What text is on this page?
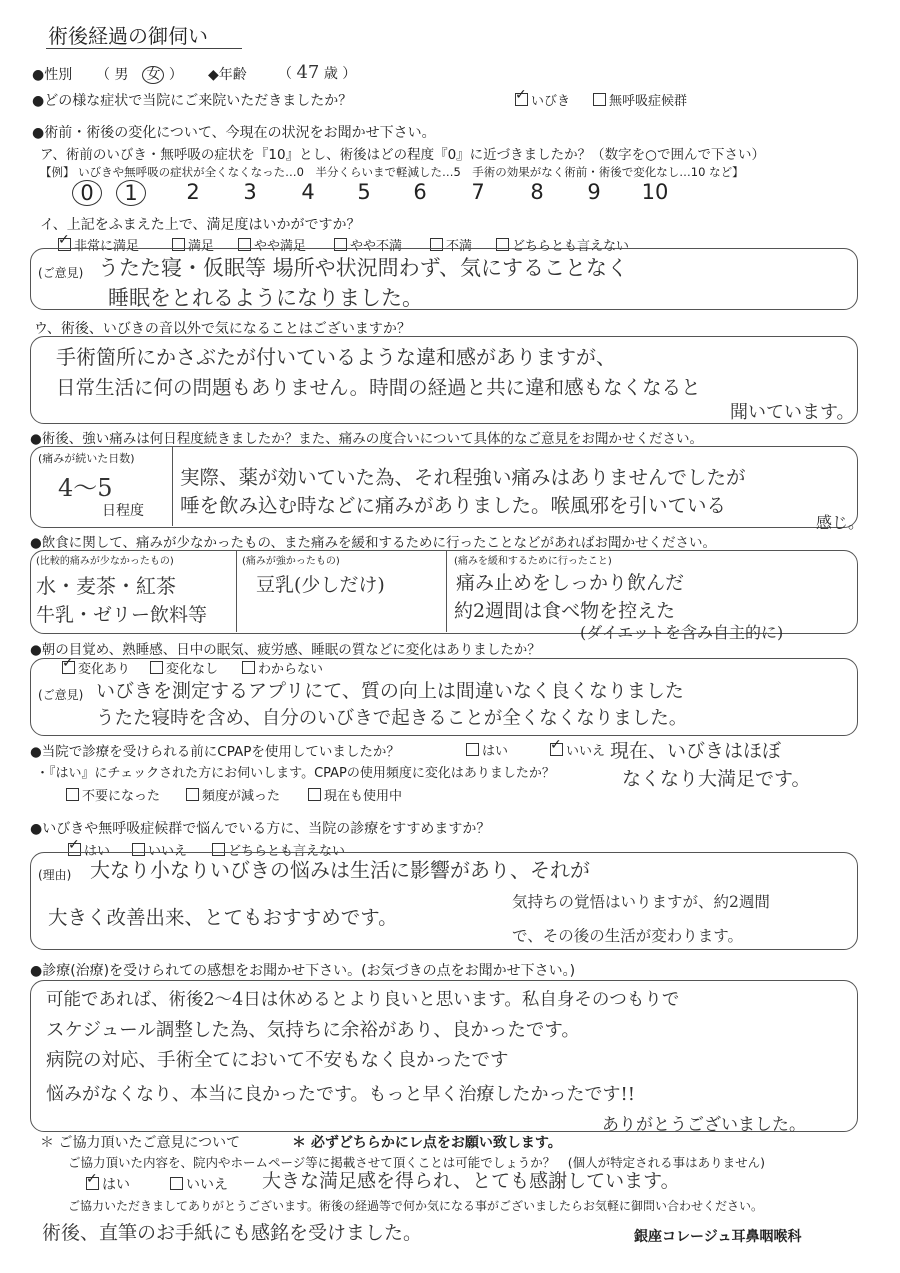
術後経過の御伺い
●性別 （ 男　 女 ） ◆年齢 （ 47 歳 ）
●どの様な症状で当院にご来院いただきましたか？ ✓	いびき	無呼吸症候群
●術前・術後の変化について、今現在の状況をお聞かせ下さい。
ア、術前のいびき・無呼吸の症状を『10』とし、術後はどの程度『0』に近づきましたか？（数字を○で囲んで下さい）
【例】 いびきや無呼吸の症状が全くなくなった…0　半分くらいまで軽減した…5　手術の効果がなく術前・術後で変化なし…10 など】
0	1	2	3	4	5	6	7	8	9	10
イ、上記をふまえた上で、満足度はいかがですか？
✓非常に満足	満足	やや満足	やや不満	不満	どちらとも言えない
(ご意見) うたた寝・仮眠等 場所や状況問わず、気にすることなく
睡眠をとれるようになりました。
ウ、術後、いびきの音以外で気になることはございますか？
手術箇所にかさぶたが付いているような違和感がありますが、
日常生活に何の問題もありません。時間の経過と共に違和感もなくなると
聞いています。
●術後、強い痛みは何日程度続きましたか？また、痛みの度合いについて具体的なご意見をお聞かせください。
(痛みが続いた日数)
4〜5
日程度
実際、薬が効いていた為、それ程強い痛みはありませんでしたが
唾を飲み込む時などに痛みがありました。喉風邪を引いている
感じ。
●飲食に関して、痛みが少なかったもの、また痛みを緩和するために行ったことなどがあればお聞かせください。
(比較的痛みが少なかったもの)
水・麦茶・紅茶
牛乳・ゼリー飲料等
(痛みが強かったもの)
豆乳(少しだけ)
(痛みを緩和するために行ったこと)
痛み止めをしっかり飲んだ
約2週間は食べ物を控えた
(ダイエットを含み自主的に)
●朝の目覚め、熟睡感、日中の眠気、疲労感、睡眠の質などに変化はありましたか？
✓変化あり	変化なし	わからない
(ご意見) いびきを測定するアプリにて、質の向上は間違いなく良くなりました
うたた寝時を含め、自分のいびきで起きることが全くなくなりました。
●当院で診療を受けられる前にCPAPを使用していましたか？	はい ✓	いいえ
・『はい』にチェックされた方にお伺いします。CPAPの使用頻度に変化はありましたか？
不要になった	頻度が減った	現在も使用中
現在、いびきはほぼ
なくなり大満足です。
●いびきや無呼吸症候群で悩んでいる方に、当院の診療をすすめますか？
✓はい	いいえ	どちらとも言えない
(理由) 大なり小なりいびきの悩みは生活に影響があり、それが
大きく改善出来、とてもおすすめです。
気持ちの覚悟はいりますが、約2週間
で、その後の生活が変わります。
●診療(治療)を受けられての感想をお聞かせ下さい。(お気づきの点をお聞かせ下さい。)
可能であれば、術後2〜4日は休めるとより良いと思います。私自身そのつもりで
スケジュール調整した為、気持ちに余裕があり、良かったです。
病院の対応、手術全てにおいて不安もなく良かったです
悩みがなくなり、本当に良かったです。もっと早く治療したかったです!!
ありがとうございました。
＊ ご協力頂いたご意見について	＊ 必ずどちらかにレ点をお願い致します。
ご協力頂いた内容を、院内やホームページ等に掲載させて頂くことは可能でしょうか？　(個人が特定される事はありません)
✓はい	いいえ 大きな満足感を得られ、とても感謝しています。
ご協力いただきましてありがとうございます。術後の経過等で何か気になる事がございましたらお気軽に御問い合わせください。
術後、直筆のお手紙にも感銘を受けました。	銀座コレージュ耳鼻咽喉科
